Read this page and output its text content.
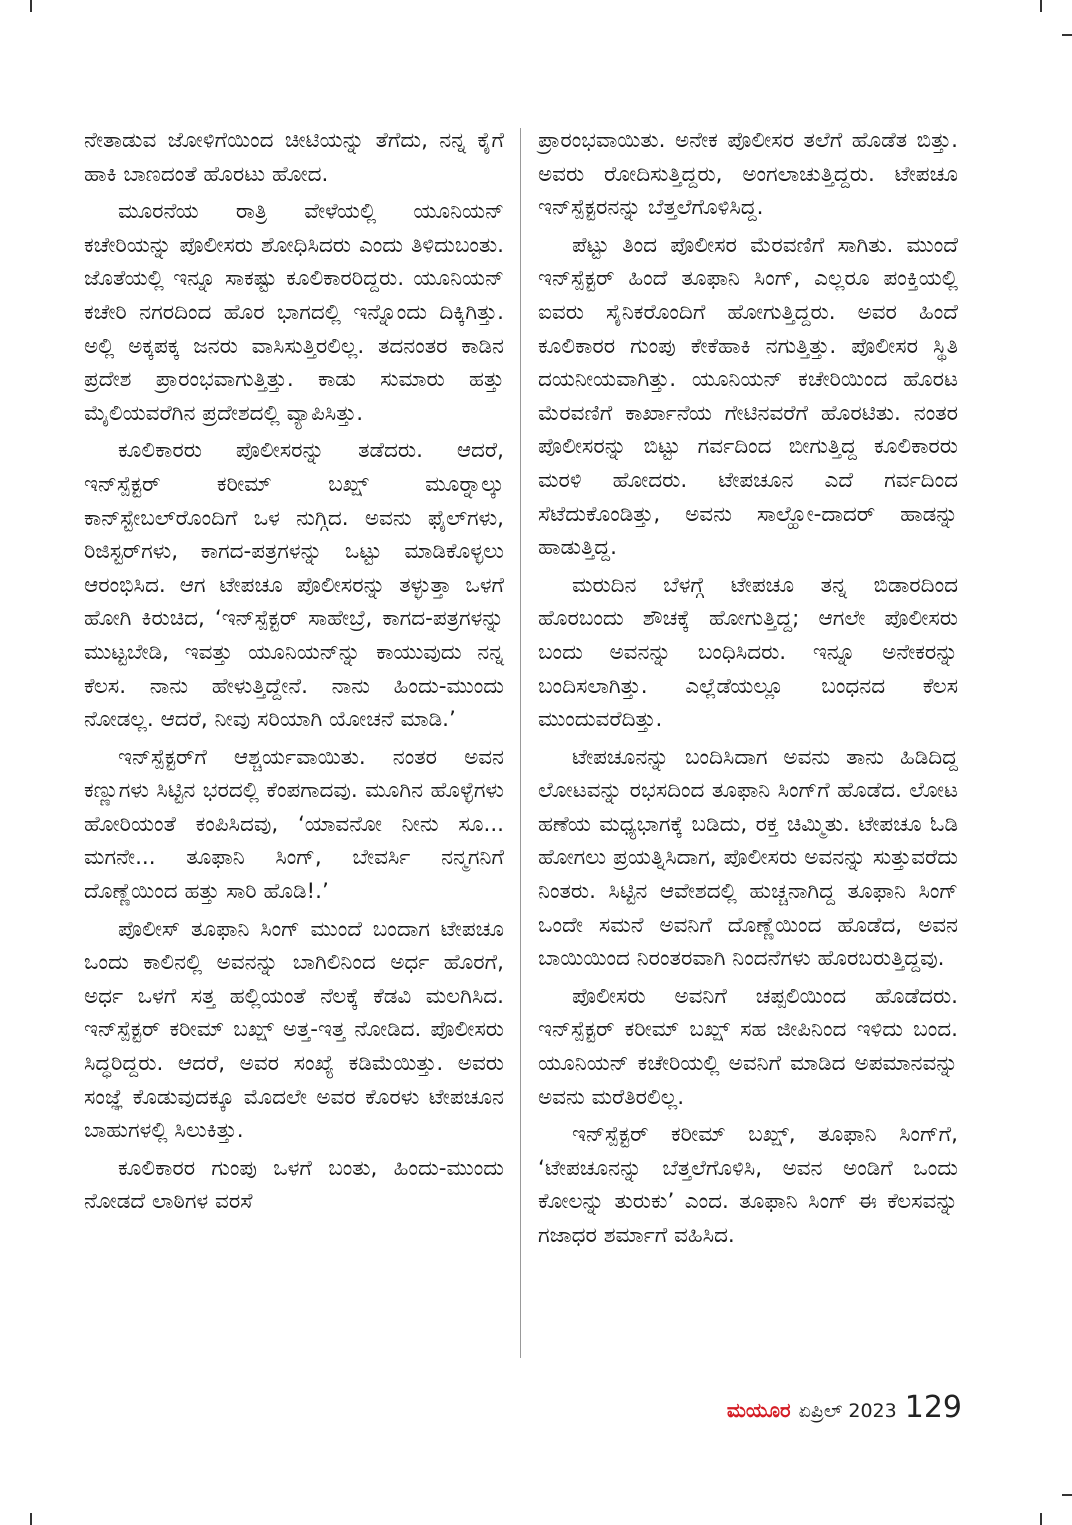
ನೇತಾಡುವ ಜೋಳಿಗೆಯಿಂದ ಚೀಟಿಯನ್ನು ತೆಗೆದು, ನನ್ನ ಕೈಗೆ ಹಾಕಿ ಬಾಣದಂತೆ ಹೊರಟು ಹೋದ.

ಮೂರನೆಯ ರಾತ್ರಿ ವೇಳೆಯಲ್ಲಿ ಯೂನಿಯನ್ ಕಚೇರಿಯನ್ನು ಪೊಲೀಸರು ಶೋಧಿಸಿದರು ಎಂದು ತಿಳಿದುಬಂತು. ಜೊತೆಯಲ್ಲಿ ಇನ್ನೂ ಸಾಕಷ್ಟು ಕೂಲಿಕಾರರಿದ್ದರು. ಯೂನಿಯನ್ ಕಚೇರಿ ನಗರದಿಂದ ಹೊರ ಭಾಗದಲ್ಲಿ ಇನ್ನೊಂದು ದಿಕ್ಕಿಗಿತ್ತು. ಅಲ್ಲಿ ಅಕ್ಕಪಕ್ಕ ಜನರು ವಾಸಿಸುತ್ತಿರಲಿಲ್ಲ. ತದನಂತರ ಕಾಡಿನ ಪ್ರದೇಶ ಪ್ರಾರಂಭವಾಗುತ್ತಿತ್ತು. ಕಾಡು ಸುಮಾರು ಹತ್ತು ಮೈಲಿಯವರೆಗಿನ ಪ್ರದೇಶದಲ್ಲಿ ವ್ಯಾಪಿಸಿತ್ತು.

ಕೂಲಿಕಾರರು ಪೊಲೀಸರನ್ನು ತಡೆದರು. ಆದರೆ, ಇನ್‌ಸ್ಪೆಕ್ಟರ್ ಕರೀಮ್ ಬಖ್ಷ್ ಮೂರ್‍ನಾಲ್ಕು ಕಾನ್‌ಸ್ಟೇಬಲ್‌ರೊಂದಿಗೆ ಒಳ ನುಗ್ಗಿದ. ಅವನು ಫೈಲ್‌ಗಳು, ರಿಜಿಸ್ಟರ್‌ಗಳು, ಕಾಗದ-ಪತ್ರಗಳನ್ನು ಒಟ್ಟು ಮಾಡಿಕೊಳ್ಳಲು ಆರಂಭಿಸಿದ. ಆಗ ಟೇಪಚೂ ಪೊಲೀಸರನ್ನು ತಳ್ಳುತ್ತಾ ಒಳಗೆ ಹೋಗಿ ಕಿರುಚಿದ, ‘ಇನ್‌ಸ್ಪೆಕ್ಟರ್ ಸಾಹೇಬ್ರೆ, ಕಾಗದ-ಪತ್ರಗಳನ್ನು ಮುಟ್ಟಬೇಡಿ, ಇವತ್ತು ಯೂನಿಯನ್‌ನ್ನು ಕಾಯುವುದು ನನ್ನ ಕೆಲಸ. ನಾನು ಹೇಳುತ್ತಿದ್ದೇನೆ. ನಾನು ಹಿಂದು-ಮುಂದು ನೋಡಲ್ಲ. ಆದರೆ, ನೀವು ಸರಿಯಾಗಿ ಯೋಚನೆ ಮಾಡಿ.’

ಇನ್‌ಸ್ಪೆಕ್ಟರ್‌ಗೆ ಆಶ್ಚರ್ಯವಾಯಿತು. ನಂತರ ಅವನ ಕಣ್ಣುಗಳು ಸಿಟ್ಟಿನ ಭರದಲ್ಲಿ ಕೆಂಪಗಾದವು. ಮೂಗಿನ ಹೊಳ್ಳೆಗಳು ಹೋರಿಯಂತೆ ಕಂಪಿಸಿದವು, ‘ಯಾವನೋ ನೀನು ಸೂ... ಮಗನೇ... ತೂಫಾನಿ ಸಿಂಗ್, ಬೇವರ್ಸಿ ನನ್ಮಗನಿಗೆ ದೊಣ್ಣೆಯಿಂದ ಹತ್ತು ಸಾರಿ ಹೊಡಿ!.’

ಪೊಲೀಸ್ ತೂಫಾನಿ ಸಿಂಗ್ ಮುಂದೆ ಬಂದಾಗ ಟೇಪಚೂ ಒಂದು ಕಾಲಿನಲ್ಲಿ ಅವನನ್ನು ಬಾಗಿಲಿನಿಂದ ಅರ್ಧ ಹೊರಗೆ, ಅರ್ಧ ಒಳಗೆ ಸತ್ತ ಹಲ್ಲಿಯಂತೆ ನೆಲಕ್ಕೆ ಕೆಡವಿ ಮಲಗಿಸಿದ. ಇನ್‌ಸ್ಪೆಕ್ಟರ್ ಕರೀಮ್ ಬಖ್ಷ್ ಅತ್ತ-ಇತ್ತ ನೋಡಿದ. ಪೊಲೀಸರು ಸಿದ್ಧರಿದ್ದರು. ಆದರೆ, ಅವರ ಸಂಖ್ಯೆ ಕಡಿಮೆಯಿತ್ತು. ಅವರು ಸಂಜ್ಞೆ ಕೊಡುವುದಕ್ಕೂ ಮೊದಲೇ ಅವರ ಕೊರಳು ಟೇಪಚೂನ ಬಾಹುಗಳಲ್ಲಿ ಸಿಲುಕಿತ್ತು.

ಕೂಲಿಕಾರರ ಗುಂಪು ಒಳಗೆ ಬಂತು, ಹಿಂದು-ಮುಂದು ನೋಡದೆ ಲಾಠಿಗಳ ವರಸೆ

ಪ್ರಾರಂಭವಾಯಿತು. ಅನೇಕ ಪೊಲೀಸರ ತಲೆಗೆ ಹೊಡೆತ ಬಿತ್ತು. ಅವರು ರೋದಿಸುತ್ತಿದ್ದರು, ಅಂಗಲಾಚುತ್ತಿದ್ದರು. ಟೇಪಚೂ ಇನ್‌ಸ್ಪೆಕ್ಟರನನ್ನು ಬೆತ್ತಲೆಗೊಳಿಸಿದ್ದ.

ಪೆಟ್ಟು ತಿಂದ ಪೊಲೀಸರ ಮೆರವಣಿಗೆ ಸಾಗಿತು. ಮುಂದೆ ಇನ್‌ಸ್ಪೆಕ್ಟರ್ ಹಿಂದೆ ತೂಫಾನಿ ಸಿಂಗ್, ಎಲ್ಲರೂ ಪಂಕ್ತಿಯಲ್ಲಿ ಐವರು ಸೈನಿಕರೊಂದಿಗೆ ಹೋಗುತ್ತಿದ್ದರು. ಅವರ ಹಿಂದೆ ಕೂಲಿಕಾರರ ಗುಂಪು ಕೇಕೆಹಾಕಿ ನಗುತ್ತಿತ್ತು. ಪೊಲೀಸರ ಸ್ಥಿತಿ ದಯನೀಯವಾಗಿತ್ತು. ಯೂನಿಯನ್ ಕಚೇರಿಯಿಂದ ಹೊರಟ ಮೆರವಣಿಗೆ ಕಾರ್ಖಾನೆಯ ಗೇಟಿನವರೆಗೆ ಹೊರಟಿತು. ನಂತರ ಪೊಲೀಸರನ್ನು ಬಿಟ್ಟು ಗರ್ವದಿಂದ ಬೀಗುತ್ತಿದ್ದ ಕೂಲಿಕಾರರು ಮರಳಿ ಹೋದರು. ಟೇಪಚೂನ ಎದೆ ಗರ್ವದಿಂದ ಸೆಟೆದುಕೊಂಡಿತ್ತು, ಅವನು ಸಾಲ್ಹೋ-ದಾದರ್ ಹಾಡನ್ನು ಹಾಡುತ್ತಿದ್ದ.

ಮರುದಿನ ಬೆಳಗ್ಗೆ ಟೇಪಚೂ ತನ್ನ ಬಿಡಾರದಿಂದ ಹೊರಬಂದು ಶೌಚಕ್ಕೆ ಹೋಗುತ್ತಿದ್ದ; ಆಗಲೇ ಪೊಲೀಸರು ಬಂದು ಅವನನ್ನು ಬಂಧಿಸಿದರು. ಇನ್ನೂ ಅನೇಕರನ್ನು ಬಂದಿಸಲಾಗಿತ್ತು. ಎಲ್ಲೆಡೆಯಲ್ಲೂ ಬಂಧನದ ಕೆಲಸ ಮುಂದುವರೆದಿತ್ತು.

ಟೇಪಚೂನನ್ನು ಬಂದಿಸಿದಾಗ ಅವನು ತಾನು ಹಿಡಿದಿದ್ದ ಲೋಟವನ್ನು ರಭಸದಿಂದ ತೂಫಾನಿ ಸಿಂಗ್‌ಗೆ ಹೊಡೆದ. ಲೋಟ ಹಣೆಯ ಮಧ್ಯಭಾಗಕ್ಕೆ ಬಡಿದು, ರಕ್ತ ಚಿಮ್ಮಿತು. ಟೇಪಚೂ ಓಡಿ ಹೋಗಲು ಪ್ರಯತ್ನಿಸಿದಾಗ, ಪೊಲೀಸರು ಅವನನ್ನು ಸುತ್ತುವರೆದು ನಿಂತರು. ಸಿಟ್ಟಿನ ಆವೇಶದಲ್ಲಿ ಹುಚ್ಚನಾಗಿದ್ದ ತೂಫಾನಿ ಸಿಂಗ್ ಒಂದೇ ಸಮನೆ ಅವನಿಗೆ ದೊಣ್ಣೆಯಿಂದ ಹೊಡೆದ, ಅವನ ಬಾಯಿಯಿಂದ ನಿರಂತರವಾಗಿ ನಿಂದನೆಗಳು ಹೊರಬರುತ್ತಿದ್ದವು.

ಪೊಲೀಸರು ಅವನಿಗೆ ಚಪ್ಪಲಿಯಿಂದ ಹೊಡೆದರು. ಇನ್‌ಸ್ಪೆಕ್ಟರ್ ಕರೀಮ್ ಬಖ್ಷ್ ಸಹ ಜೀಪಿನಿಂದ ಇಳಿದು ಬಂದ. ಯೂನಿಯನ್ ಕಚೇರಿಯಲ್ಲಿ ಅವನಿಗೆ ಮಾಡಿದ ಅಪಮಾನವನ್ನು ಅವನು ಮರೆತಿರಲಿಲ್ಲ.

ಇನ್‌ಸ್ಪೆಕ್ಟರ್ ಕರೀಮ್ ಬಖ್ಷ್, ತೂಫಾನಿ ಸಿಂಗ್‌ಗೆ, ‘ಟೇಪಚೂನನ್ನು ಬೆತ್ತಲೆಗೊಳಿಸಿ, ಅವನ ಅಂಡಿಗೆ ಒಂದು ಕೋಲನ್ನು ತುರುಕು’ ಎಂದ. ತೂಫಾನಿ ಸಿಂಗ್ ಈ ಕೆಲಸವನ್ನು ಗಜಾಧರ ಶರ್ಮಾಗೆ ವಹಿಸಿದ.

ಮಯೂರ ಏಪ್ರಿಲ್ 2023 129
